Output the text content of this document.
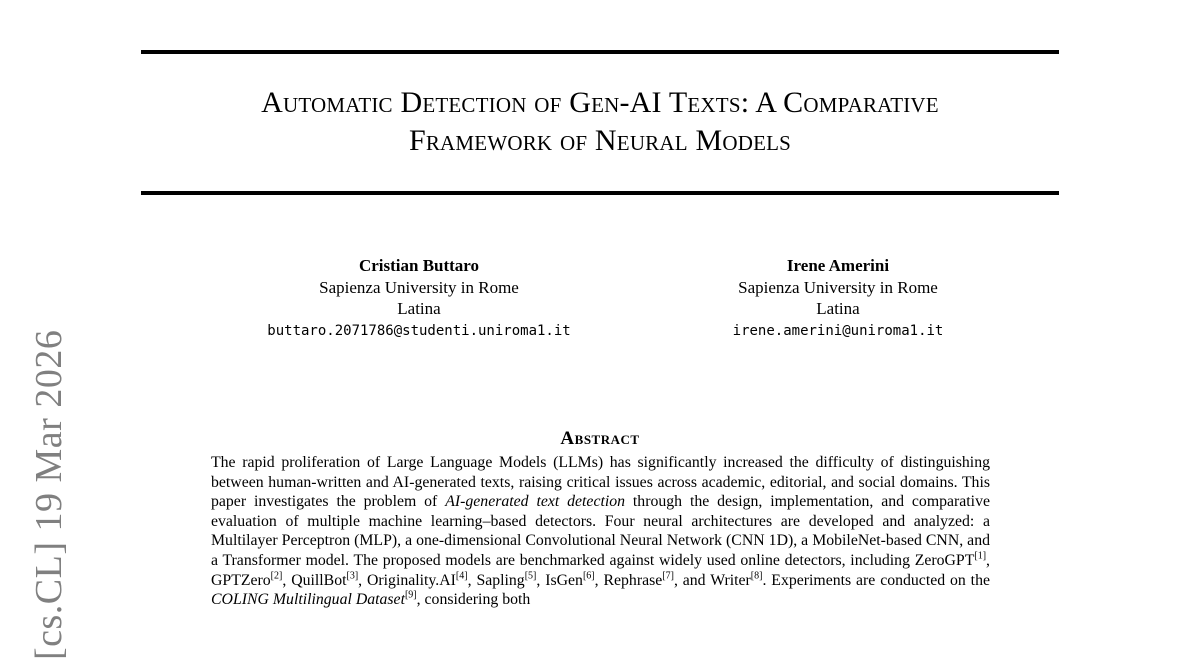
Automatic Detection of Gen-AI Texts: A Comparative
Framework of Neural Models
Cristian Buttaro
Sapienza University in Rome
Latina
buttaro.2071786@studenti.uniroma1.it
Irene Amerini
Sapienza University in Rome
Latina
irene.amerini@uniroma1.it
Abstract

The rapid proliferation of Large Language Models (LLMs) has significantly increased the difficulty of distinguishing between human-written and AI-generated texts, raising critical issues across academic, editorial, and social domains. This paper investigates the problem of AI-generated text detection through the design, implementation, and comparative evaluation of multiple machine learning–based detectors. Four neural architectures are developed and analyzed: a Multilayer Perceptron (MLP), a one-dimensional Convolutional Neural Network (CNN 1D), a MobileNet-based CNN, and a Transformer model. The proposed models are benchmarked against widely used online detectors, including ZeroGPT[1], GPTZero[2], QuillBot[3], Originality.AI[4], Sapling[5], IsGen[6], Rephrase[7], and Writer[8]. Experiments are conducted on the COLING Multilingual Dataset[9], considering both

[cs.CL] 19 Mar 2026
